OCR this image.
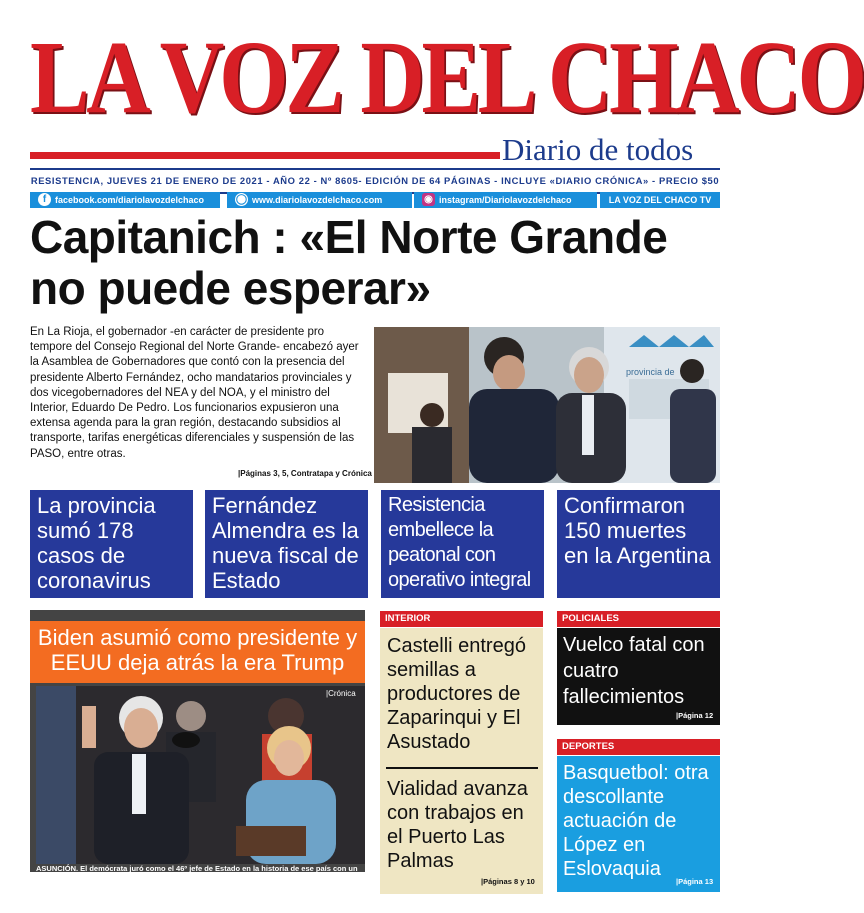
LA VOZ DEL CHACO
Diario de todos
RESISTENCIA, JUEVES 21 DE ENERO DE 2021 - AÑO 22 - Nº 8605- EDICIÓN DE 64 PÁGINAS - INCLUYE «DIARIO CRÓNICA» - PRECIO $50
f facebook.com/diariolavozdelchaco	◯ www.diariolavozdelchaco.com	◉ instagram/Diariolavozdelchaco	LA VOZ DEL CHACO TV
Capitanich : «El Norte Grande no puede esperar»
En La Rioja, el gobernador -en carácter de presidente pro tempore del Consejo Regional del Norte Grande- encabezó ayer la Asamblea de Gobernadores que contó con la presencia del presidente Alberto Fernández, ocho mandatarios provinciales y dos vicegobernadores del NEA y del NOA, y el ministro del Interior, Eduardo De Pedro. Los funcionarios expusieron una extensa agenda para la gran región, destacando subsidios al transporte, tarifas energéticas diferenciales y suspensión de las PASO, entre otras.
|Páginas 3, 5, Contratapa y Crónica
provincia de
La provincia sumó 178 casos de coronavirus
Fernández Almendra es la nueva fiscal de Estado
Resistencia embellece la peatonal con operativo integral
Confirmaron 150 muertes en la Argentina
Biden asumió como presidente y EEUU deja atrás la era Trump
|Crónica
ASUNCIÓN. El demócrata juró como el 46º jefe de Estado en la historia de ese país con un discurso de unidad nacional, reconciliación y esperanza.
INTERIOR
Castelli entregó semillas a productores de Zaparinqui y El Asustado
Vialidad avanza con trabajos en el Puerto Las Palmas
|Páginas 8 y 10
POLICIALES
Vuelco fatal con cuatro fallecimientos
|Página 12
DEPORTES
Basquetbol: otra descollante actuación de López en Eslovaquia
|Página 13
